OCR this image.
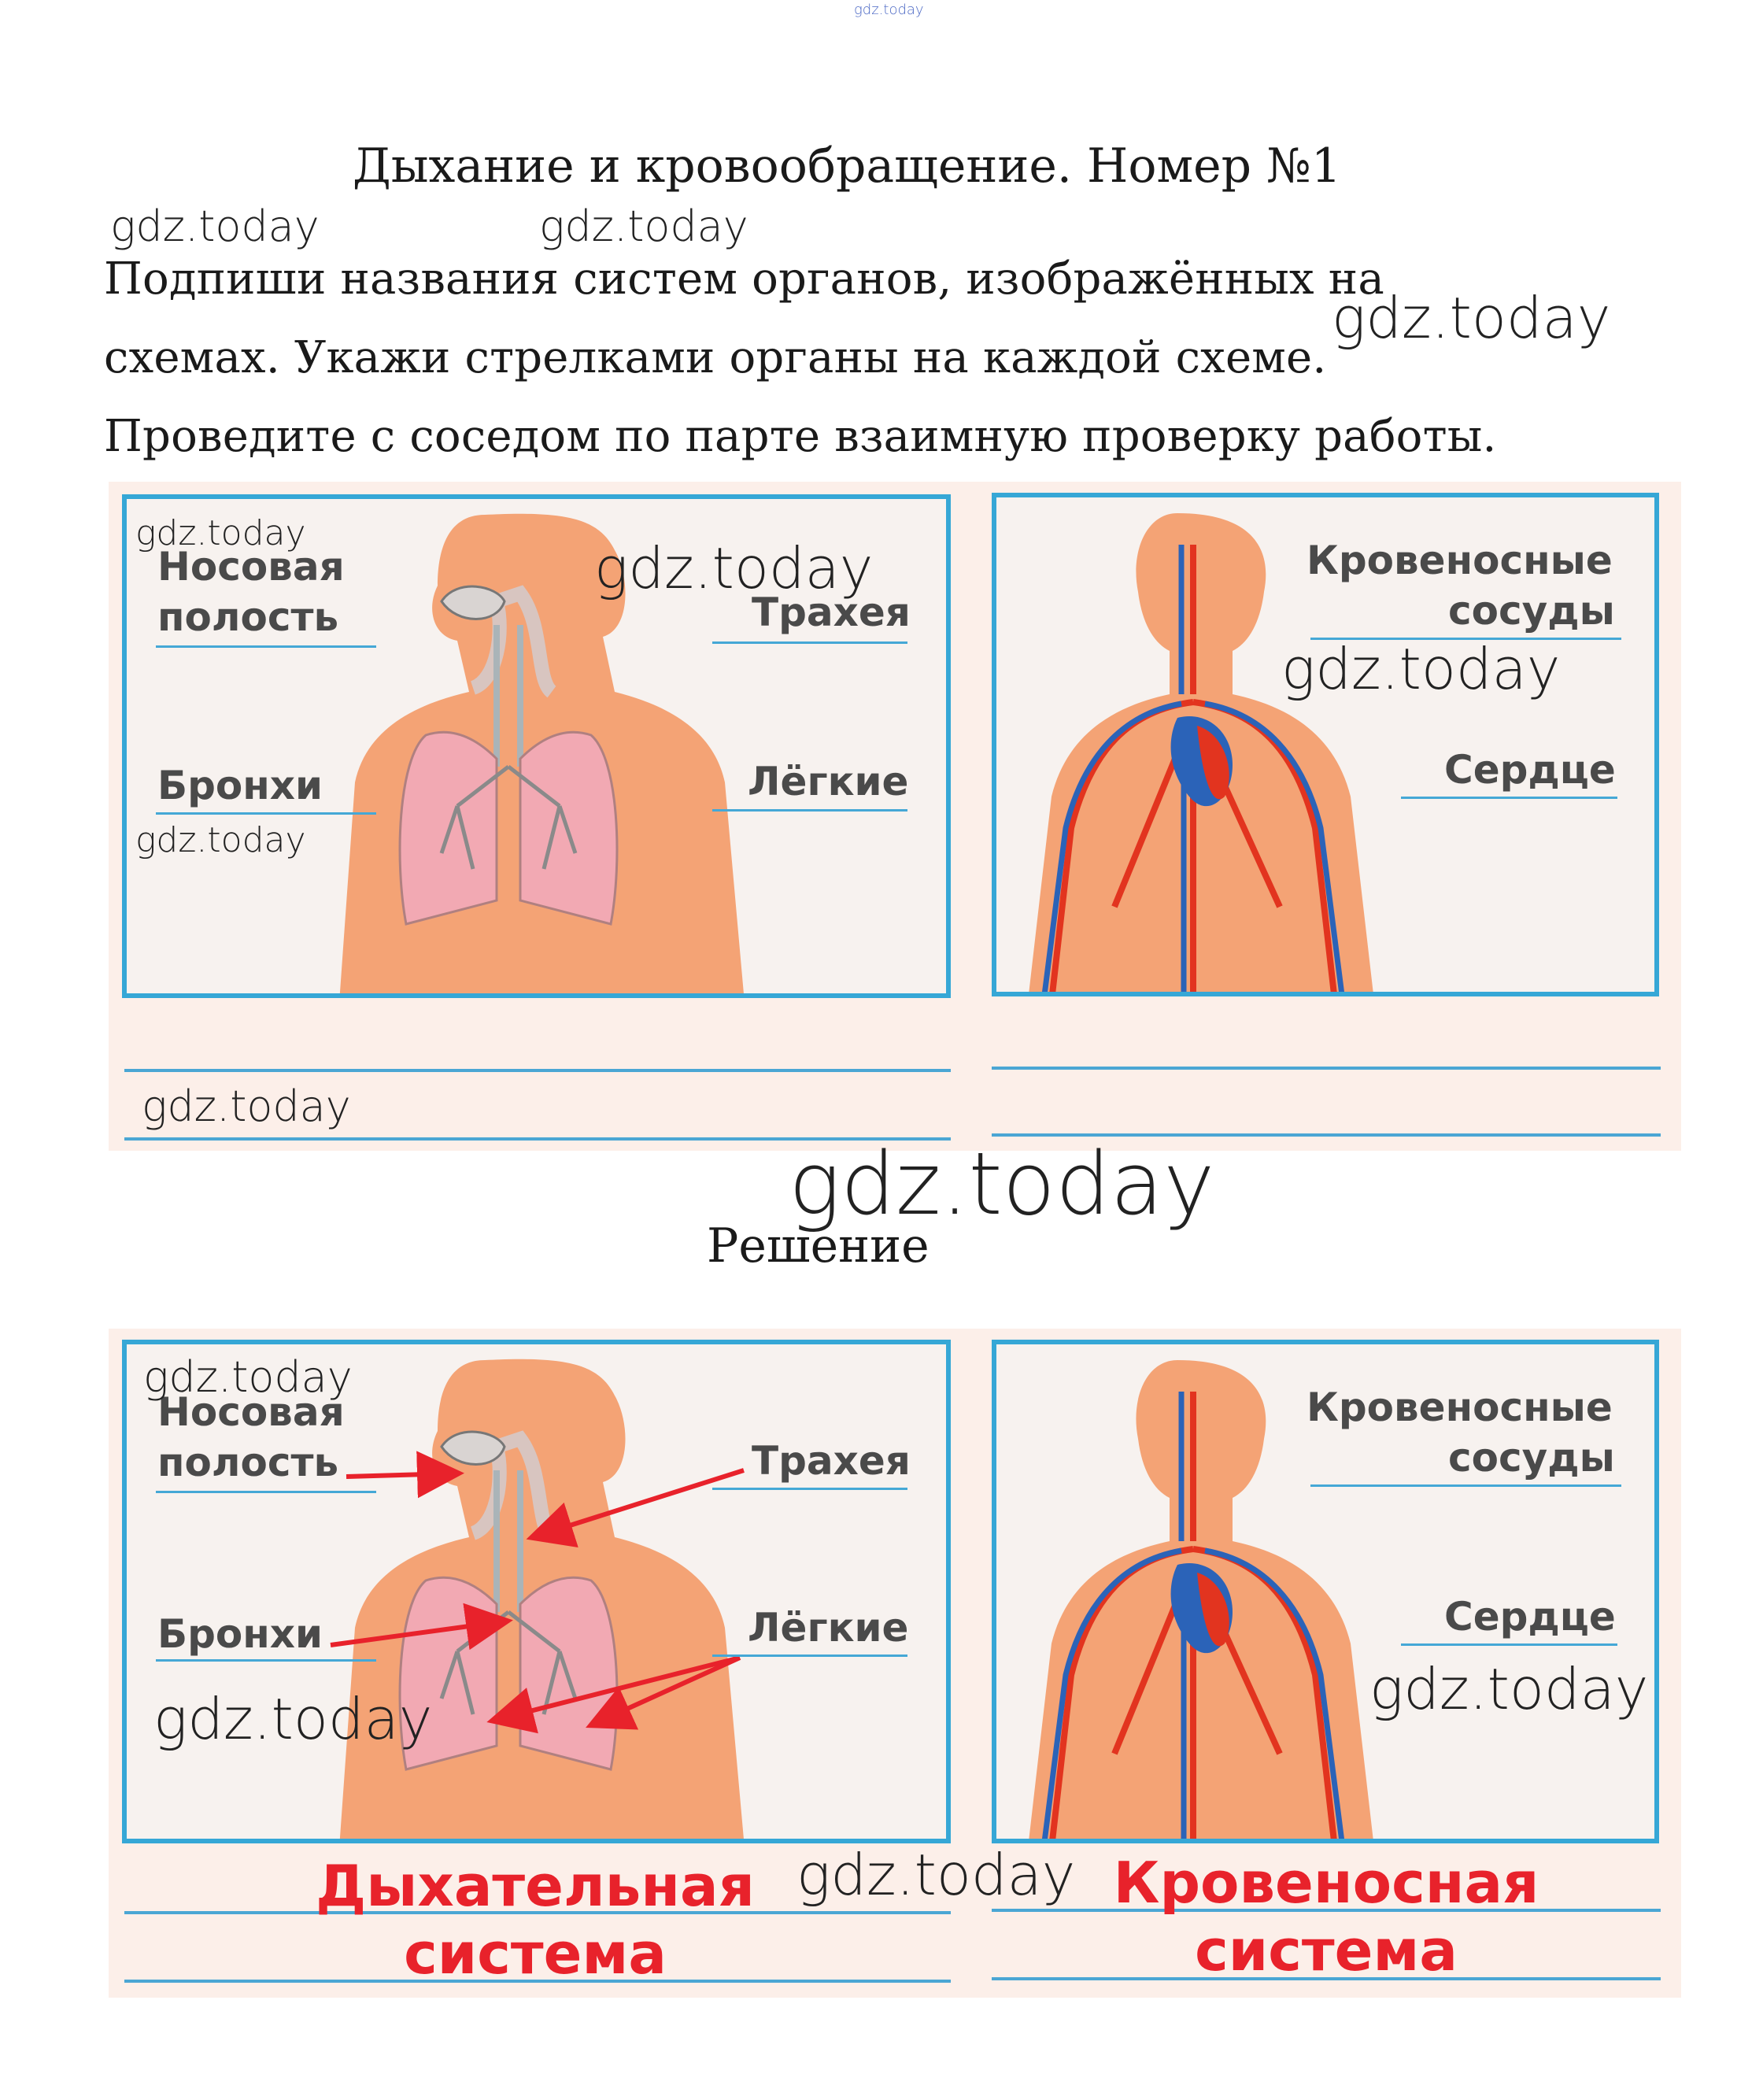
gdz.today
Дыхание и кровообращение. Номер №1
gdz.today	gdz.today
Подпиши названия систем органов, изображённых на
gdz.today
схемах. Укажи стрелками органы на каждой схеме.
Проведите с соседом по парте взаимную проверку работы.

Носовая
полость	Трахея
Бронхи	Лёгкие
gdz.today
gdz.today
gdz.today
Кровеносные
сосуды
gdz.today
Сердце
gdz.today
gdz.today
Решение
Носовая
полость	Трахея
Бронхи	Лёгкие
gdz.today
gdz.today
Кровеносные
сосуды
Сердце
gdz.today
Дыхательная
система
Кровеносная
система
gdz.today
